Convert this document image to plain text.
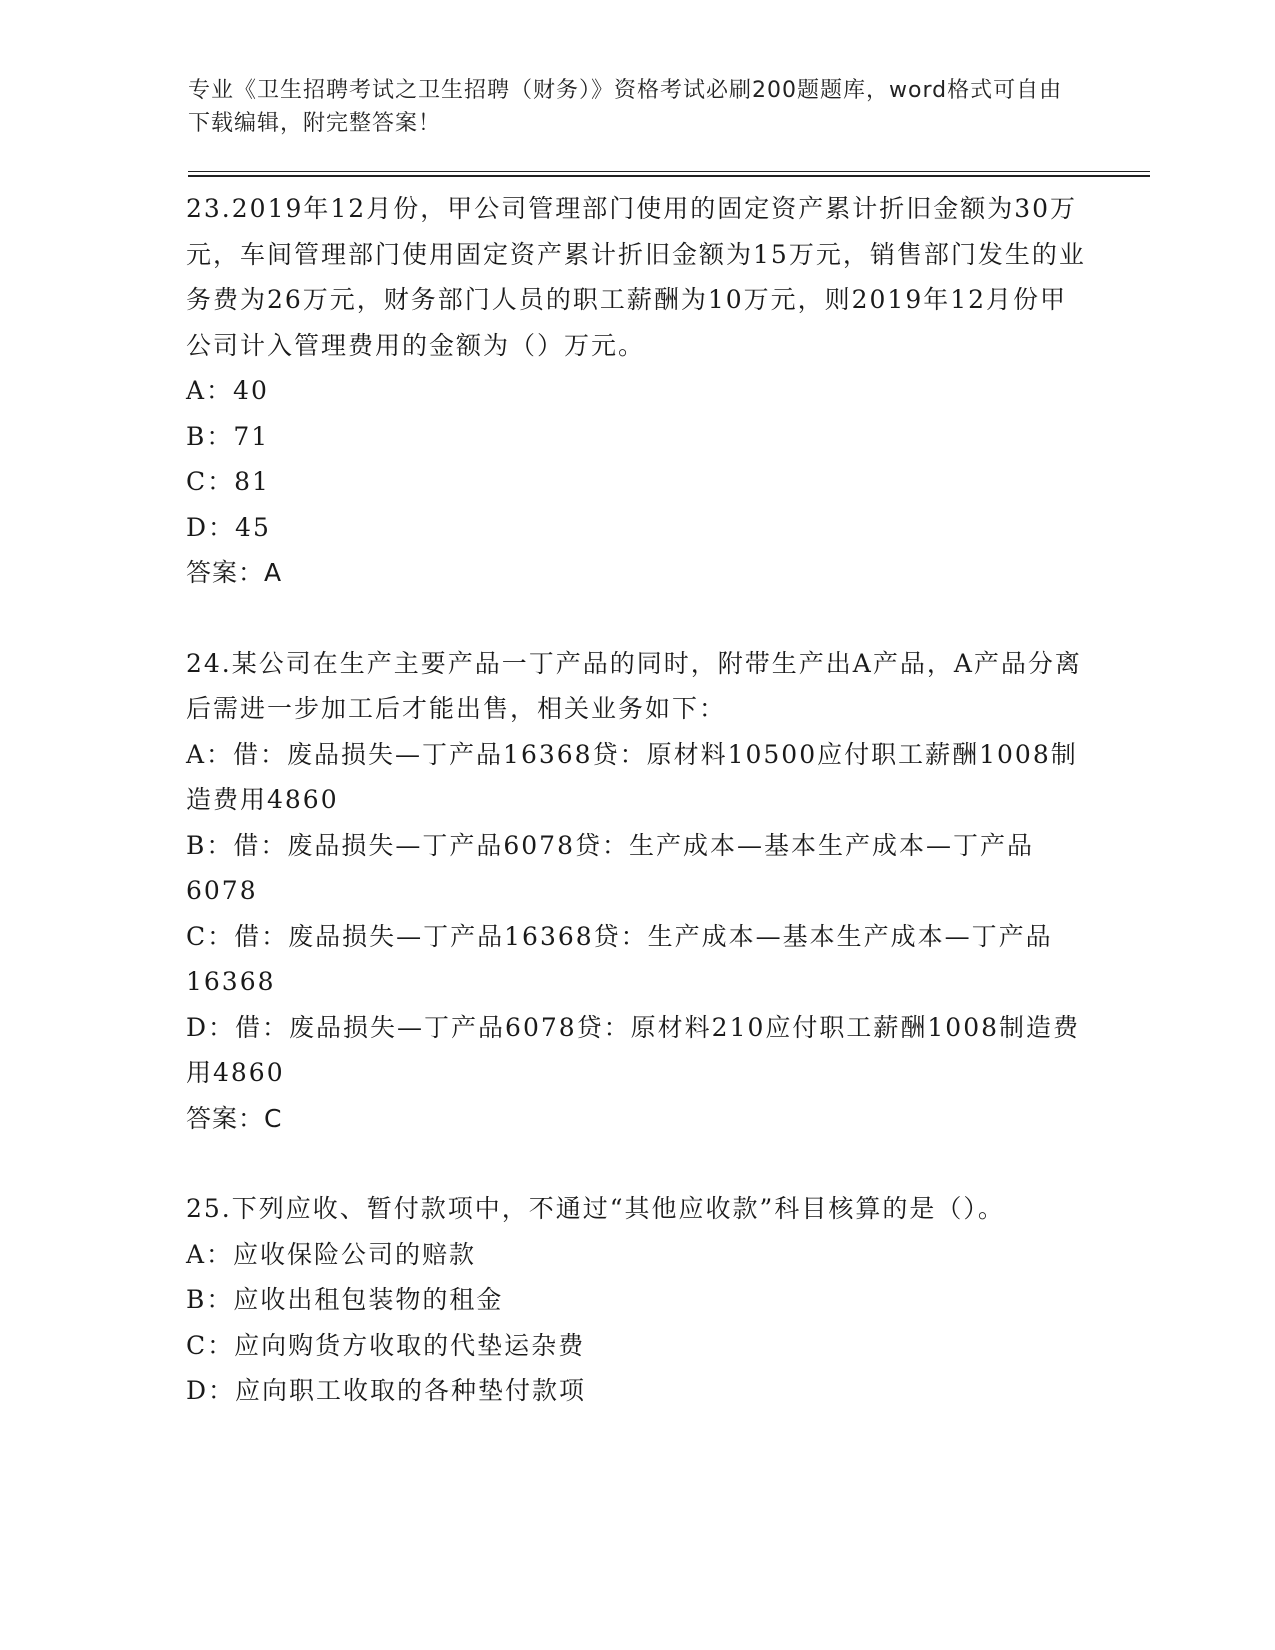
专业《卫生招聘考试之卫生招聘（财务）》资格考试必刷200题题库，word格式可自由下载编辑，附完整答案！

23.2019年12月份，甲公司管理部门使用的固定资产累计折旧金额为30万元，车间管理部门使用固定资产累计折旧金额为15万元，销售部门发生的业务费为26万元，财务部门人员的职工薪酬为10万元，则2019年12月份甲公司计入管理费用的金额为（）万元。

A：40

B：71

C：81

D：45

答案：A

24.某公司在生产主要产品一丁产品的同时，附带生产出A产品，A产品分离后需进一步加工后才能出售，相关业务如下：

A：借：废品损失—丁产品16368贷：原材料10500应付职工薪酬1008制造费用4860

B：借：废品损失—丁产品6078贷：生产成本—基本生产成本—丁产品6078

C：借：废品损失—丁产品16368贷：生产成本—基本生产成本—丁产品16368

D：借：废品损失—丁产品6078贷：原材料210应付职工薪酬1008制造费用4860

答案：C

25.下列应收、暂付款项中，不通过“其他应收款”科目核算的是（）。

A：应收保险公司的赔款

B：应收出租包装物的租金

C：应向购货方收取的代垫运杂费

D：应向职工收取的各种垫付款项
